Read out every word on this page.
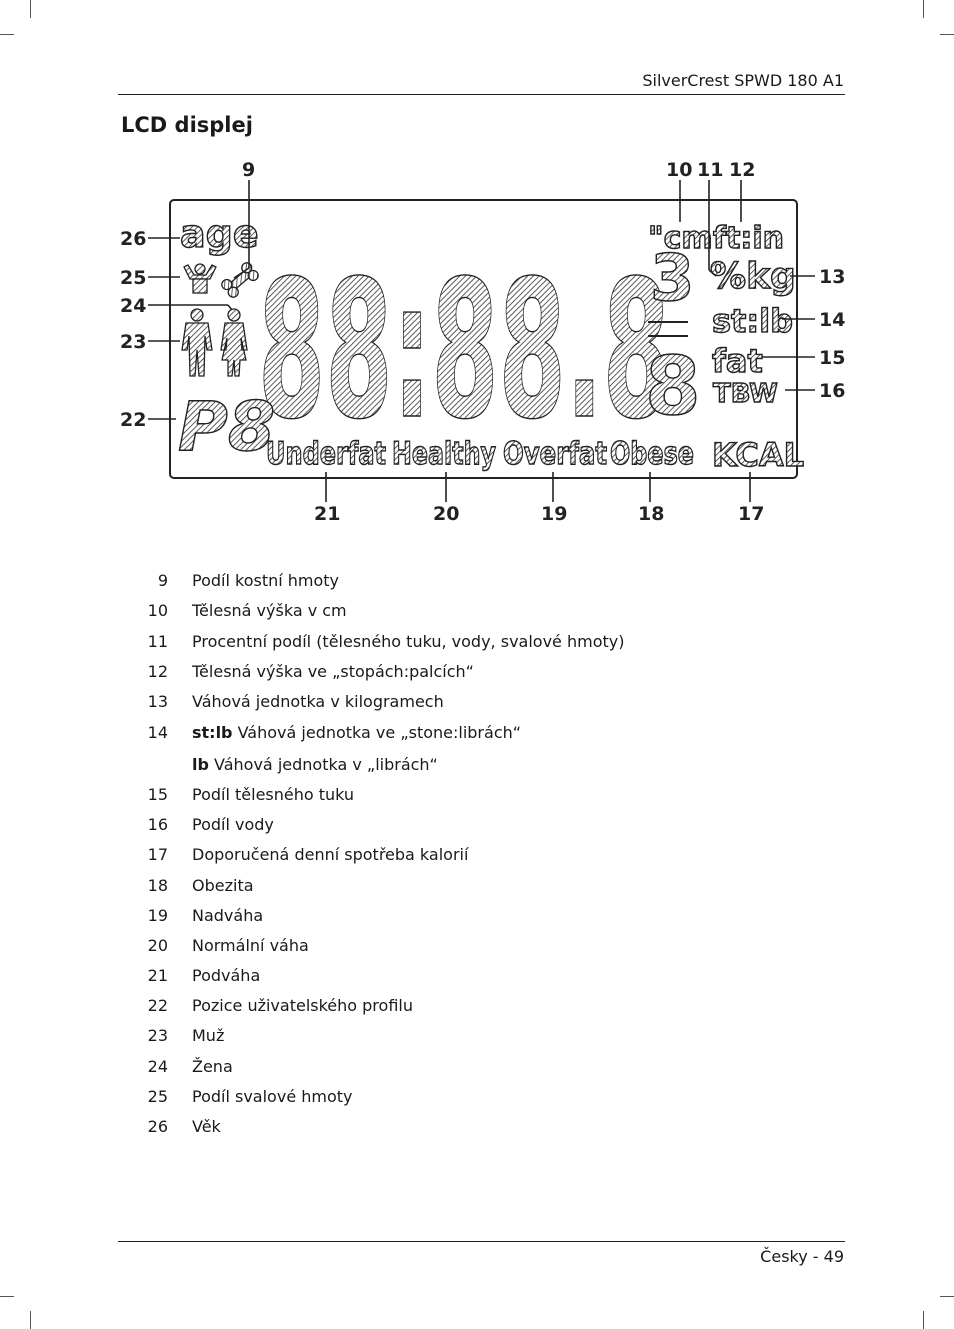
SilverCrest SPWD 180 A1
LCD displej
88:88.8
3
8
age
P8
"cm ft:in
%kg
st:lb
fat
TBW
KCAL
Underfat Healthy Overfat Obese
9	10 11 12
13
14
15
16
17
18
19
20
21
22
23
24
25
26
9 Podíl kostní hmoty
10 Tělesná výška v cm
11 Procentní podíl (tělesného tuku, vody, svalové hmoty)
12 Tělesná výška ve „stopách:palcích“
13 Váhová jednotka v kilogramech
14 st:lb Váhová jednotka ve „stone:librách“
lb Váhová jednotka v „librách“
15 Podíl tělesného tuku
16 Podíl vody
17 Doporučená denní spotřeba kalorií
18 Obezita
19 Nadváha
20 Normální váha
21 Podváha
22 Pozice uživatelského profilu
23 Muž
24 Žena
25 Podíl svalové hmoty
26 Věk
Česky - 49
